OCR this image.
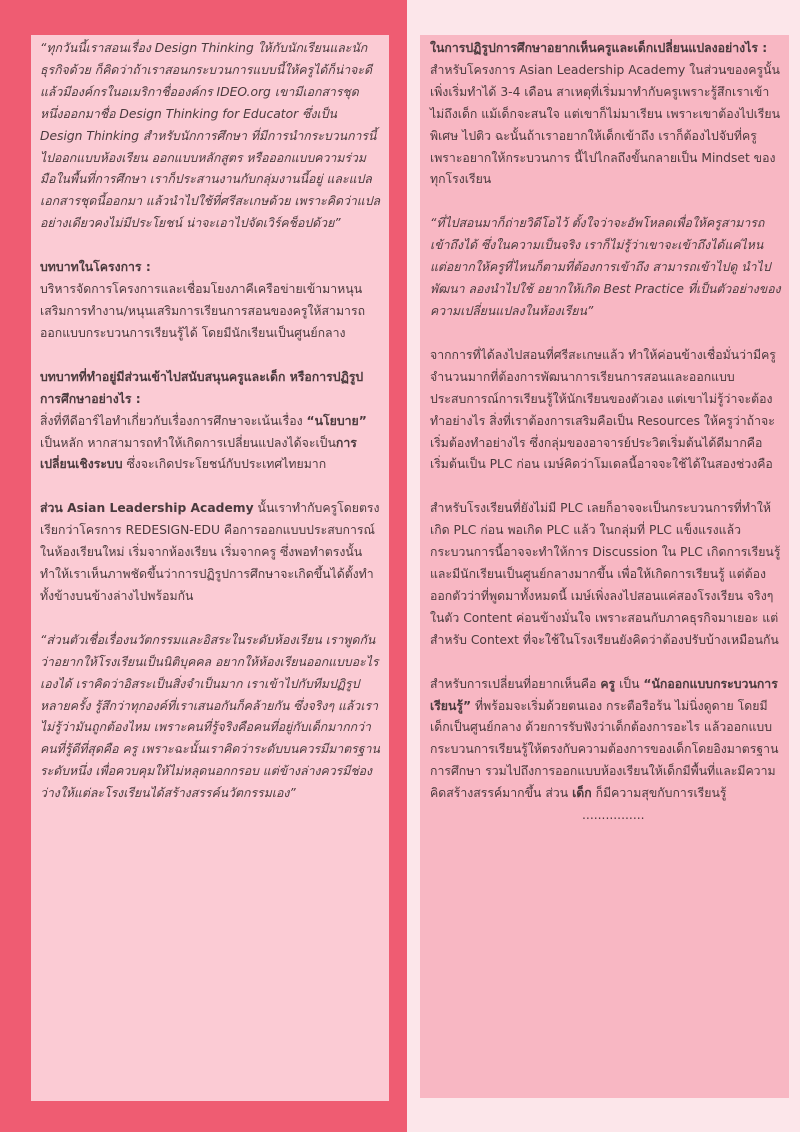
“ทุกวันนี้เราสอนเรื่อง Design Thinking ให้กับนักเรียนและนักธุรกิจด้วย ก็คิดว่าถ้าเราสอนกระบวนการแบบนี้ให้ครูได้ก็น่าจะดี แล้วมีองค์กรในอเมริกาชื่อองค์กร IDEO.org เขามีเอกสารชุดหนึ่งออกมาชื่อ Design Thinking for Educator ซึ่งเป็น Design Thinking สำหรับนักการศึกษา ที่มีการนำกระบวนการนี้ไปออกแบบห้องเรียน ออกแบบหลักสูตร หรือออกแบบความร่วมมือในพื้นที่การศึกษา เราก็ประสานงานกับกลุ่มงานนี้อยู่ และแปลเอกสารชุดนี้ออกมา แล้วนำไปใช้ที่ศรีสะเกษด้วย เพราะคิดว่าแปลอย่างเดียวคงไม่มีประโยชน์ น่าจะเอาไปจัดเวิร์คช็อปด้วย”

บทบาทในโครงการ :

บริหารจัดการโครงการและเชื่อมโยงภาคีเครือข่ายเข้ามาหนุนเสริมการทำงาน/หนุนเสริมการเรียนการสอนของครูให้สามารถออกแบบกระบวนการเรียนรู้ได้ โดยมีนักเรียนเป็นศูนย์กลาง

บทบาทที่ทำอยู่มีส่วนเข้าไปสนับสนุนครูและเด็ก หรือการปฏิรูปการศึกษาอย่างไร :

สิ่งที่ทีดีอาร์ไอทำเกี่ยวกับเรื่องการศึกษาจะเน้นเรื่อง “นโยบาย” เป็นหลัก หากสามารถทำให้เกิดการเปลี่ยนแปลงได้จะเป็นการเปลี่ยนเชิงระบบ ซึ่งจะเกิดประโยชน์กับประเทศไทยมาก

ส่วน Asian Leadership Academy นั้นเราทำกับครูโดยตรง เรียกว่าโครการ REDESIGN-EDU คือการออกแบบประสบการณ์ในห้องเรียนใหม่ เริ่มจากห้องเรียน เริ่มจากครู ซึ่งพอทำตรงนั้นทำให้เราเห็นภาพชัดขึ้นว่าการปฏิรูปการศึกษาจะเกิดขึ้นได้ตั้งทำทั้งข้างบนข้างล่างไปพร้อมกัน

“ส่วนตัวเชื่อเรื่องนวัตกรรมและอิสระในระดับห้องเรียน เราพูดกันว่าอยากให้โรงเรียนเป็นนิติบุคคล อยากให้ห้องเรียนออกแบบอะไรเองได้ เราคิดว่าอิสระเป็นสิ่งจำเป็นมาก เราเข้าไปกับทีมปฏิรูปหลายครั้ง รู้สึกว่าทุกองค์ที่เราเสนอกันก็คล้ายกัน ซึ่งจริงๆ แล้วเราไม่รู้ว่ามันถูกต้องไหม เพราะคนที่รู้จริงคือคนที่อยู่กับเด็กมากกว่า คนที่รู้ดีที่สุดคือ ครู เพราะฉะนั้นเราคิดว่าระดับบนควรมีมาตรฐานระดับหนึ่ง เพื่อควบคุมให้ไม่หลุดนอกกรอบ แต่ข้างล่างควรมีช่องว่างให้แต่ละโรงเรียนได้สร้างสรรค์นวัตกรรมเอง”

ในการปฏิรูปการศึกษาอยากเห็นครูและเด็กเปลี่ยนแปลงอย่างไร :

สำหรับโครงการ Asian Leadership Academy ในส่วนของครูนั้นเพิ่งเริ่มทำได้ 3-4 เดือน สาเหตุที่เริ่มมาทำกับครูเพราะรู้สึกเราเข้าไม่ถึงเด็ก แม้เด็กจะสนใจ แต่เขาก็ไม่มาเรียน เพราะเขาต้องไปเรียนพิเศษ ไปติว ฉะนั้นถ้าเราอยากให้เด็กเข้าถึง เราก็ต้องไปจับที่ครู เพราะอยากให้กระบวนการ นี้ไปไกลถึงขั้นกลายเป็น Mindset ของทุกโรงเรียน

“ที่ไปสอนมาก็ถ่ายวิดีโอไว้ ตั้งใจว่าจะอัพโหลดเพื่อให้ครูสามารถเข้าถึงได้ ซึ่งในความเป็นจริง เราก็ไม่รู้ว่าเขาจะเข้าถึงได้แค่ไหน แต่อยากให้ครูที่ไหนก็ตามที่ต้องการเข้าถึง สามารถเข้าไปดู นำไปพัฒนา ลองนำไปใช้ อยากให้เกิด Best Practice ที่เป็นตัวอย่างของความเปลี่ยนแปลงในห้องเรียน”

จากการที่ได้ลงไปสอนที่ศรีสะเกษแล้ว ทำให้ค่อนข้างเชื่อมั่นว่ามีครูจำนวนมากที่ต้องการพัฒนาการเรียนการสอนและออกแบบประสบการณ์การเรียนรู้ให้นักเรียนของตัวเอง แต่เขาไม่รู้ว่าจะต้องทำอย่างไร สิ่งที่เราต้องการเสริมคือเป็น Resources ให้ครูว่าถ้าจะเริ่มต้องทำอย่างไร ซึ่งกลุ่มของอาจารย์ประวิตเริ่มต้นได้ดีมากคือ เริ่มต้นเป็น PLC ก่อน เมษ์คิดว่าโมเดลนี้อาจจะใช้ได้ในสองช่วงคือ

สำหรับโรงเรียนที่ยังไม่มี PLC เลยก็อาจจะเป็นกระบวนการที่ทำให้เกิด PLC ก่อน พอเกิด PLC แล้ว ในกลุ่มที่ PLC แข็งแรงแล้ว กระบวนการนี้อาจจะทำให้การ Discussion ใน PLC เกิดการเรียนรู้และมีนักเรียนเป็นศูนย์กลางมากขึ้น เพื่อให้เกิดการเรียนรู้ แต่ต้องออกตัวว่าที่พูดมาทั้งหมดนี้ เมษ์เพิ่งลงไปสอนแค่สองโรงเรียน จริงๆ ในตัว Content ค่อนข้างมั่นใจ เพราะสอนกับภาคธุรกิจมาเยอะ แต่สำหรับ Context ที่จะใช้ในโรงเรียนยังคิดว่าต้องปรับบ้างเหมือนกัน

สำหรับการเปลี่ยนที่อยากเห็นคือ ครู เป็น “นักออกแบบกระบวนการเรียนรู้” ที่พร้อมจะเริ่มด้วยตนเอง กระตือรือร้น ไม่นิ่งดูดาย โดยมีเด็กเป็นศูนย์กลาง ด้วยการรับฟังว่าเด็กต้องการอะไร แล้วออกแบบกระบวนการเรียนรู้ให้ตรงกับความต้องการของเด็กโดยอิงมาตรฐานการศึกษา รวมไปถึงการออกแบบห้องเรียนให้เด็กมีพื้นที่และมีความคิดสร้างสรรค์มากขึ้น ส่วน เด็ก ก็มีความสุขกับการเรียนรู้

................
